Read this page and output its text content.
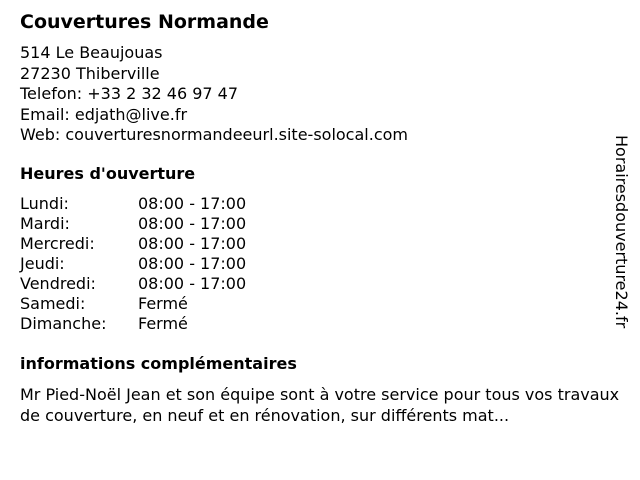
Couvertures Normande
514 Le Beaujouas
27230 Thiberville
Telefon: +33 2 32 46 97 47
Email: edjath@live.fr
Web: couverturesnormandeeurl.site-solocal.com
Heures d'ouverture
Lundi:	08:00 - 17:00
Mardi:	08:00 - 17:00
Mercredi:	08:00 - 17:00
Jeudi:	08:00 - 17:00
Vendredi:	08:00 - 17:00
Samedi:	Fermé
Dimanche:	Fermé
informations complémentaires
Mr Pied-Noël Jean et son équipe sont à votre service pour tous vos travaux de couverture, en neuf et en rénovation, sur différents mat...
Horairesdouverture24.fr
